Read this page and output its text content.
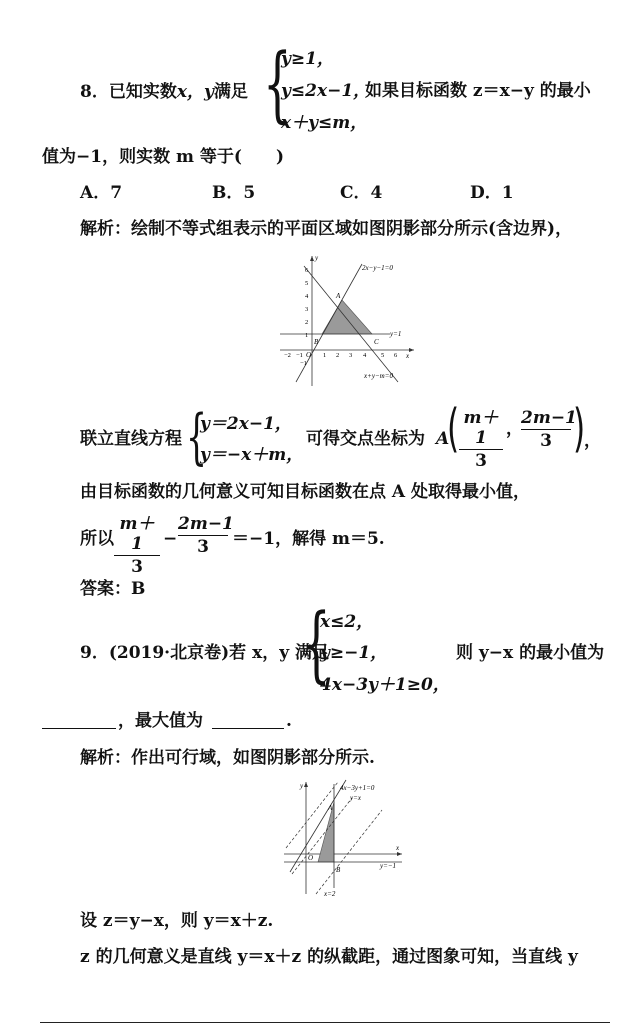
8．已知实数x，y满足 {
y≥1，
y≤2x−1，
x＋y≤m，
如果目标函数 z＝x−y 的最小
值为−1，则实数 m 等于(　　)
A．7	B．5	C．4	D．1
解析：绘制不等式组表示的平面区域如图阴影部分所示(含边界)，
2x−y−1=0
y=1
x+y−m=0
A
B	C
O	x
y
−2 −1	1 2 3 4 5 6
6
5
4
3
2
1
−1
联立直线方程 {
y＝2x−1，
y＝−x＋m，
可得交点坐标为 A
( m＋1
3
，
2m−1
3 )
，
由目标函数的几何意义可知目标函数在点 A 处取得最小值，
所以
m＋1
3
−
2m−1
3	＝−1，解得 m＝5.
答案：B
9．(2019·北京卷)若 x，y 满足
{
x≤2，
y≥−1，
4x−3y＋1≥0，
则 y−x 的最小值为
，最大值为	.
解析：作出可行域，如图阴影部分所示.
4x−3y+1=0
y=x
y=−1
x=2
A
B
O
x
y
设 z＝y−x，则 y＝x＋z.
z 的几何意义是直线 y＝x＋z 的纵截距，通过图象可知，当直线 y
